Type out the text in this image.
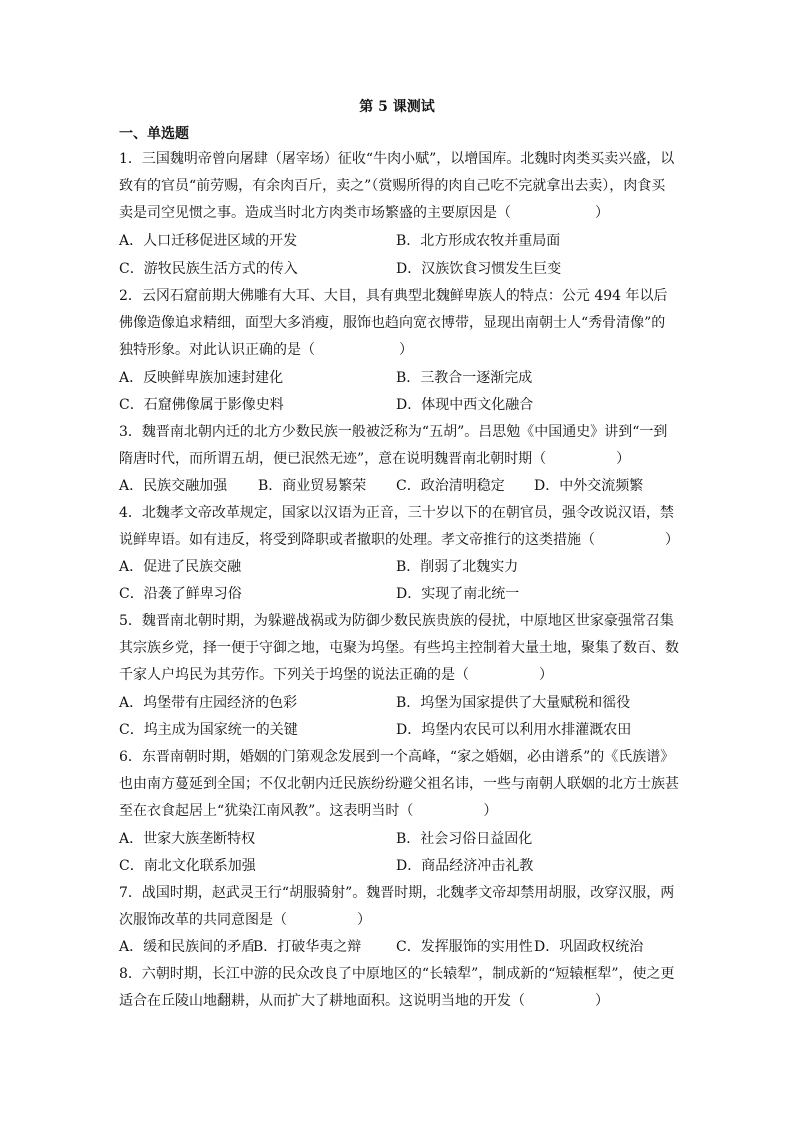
第 5 课测试
一、单选题

1．三国魏明帝曾向屠肆（屠宰场）征收“牛肉小赋”，以增国库。北魏时肉类买卖兴盛，以致有的官员“前劳赐，有余肉百斤，卖之”（赏赐所得的肉自己吃不完就拿出去卖），肉食买卖是司空见惯之事。造成当时北方肉类市场繁盛的主要原因是（　　　　　　）

A．人口迁移促进区域的开发	B．北方形成农牧并重局面
C．游牧民族生活方式的传入	D．汉族饮食习惯发生巨变

2．云冈石窟前期大佛雕有大耳、大目，具有典型北魏鲜卑族人的特点：公元 494 年以后佛像造像追求精细，面型大多消瘦，服饰也趋向宽衣博带，显现出南朝士人“秀骨清像”的独特形象。对此认识正确的是（　　　　　　）

A．反映鲜卑族加速封建化	B．三教合一逐渐完成
C．石窟佛像属于影像史料	D．体现中西文化融合

3．魏晋南北朝内迁的北方少数民族一般被泛称为“五胡”。吕思勉《中国通史》讲到“一到隋唐时代，而所谓五胡，便已泯然无迹”，意在说明魏晋南北朝时期（　　　　　）

A．民族交融加强 B．商业贸易繁荣 C．政治清明稳定 D．中外交流频繁

4．北魏孝文帝改革规定，国家以汉语为正音，三十岁以下的在朝官员，强令改说汉语，禁说鲜卑语。如有违反，将受到降职或者撤职的处理。孝文帝推行的这类措施（　　　　　）

A．促进了民族交融	B．削弱了北魏实力
C．沿袭了鲜卑习俗	D．实现了南北统一

5．魏晋南北朝时期，为躲避战祸或为防御少数民族贵族的侵扰，中原地区世家豪强常召集其宗族乡党，择一便于守御之地，屯聚为坞堡。有些坞主控制着大量土地，聚集了数百、数千家人户坞民为其劳作。下列关于坞堡的说法正确的是（　　　　　）

A．坞堡带有庄园经济的色彩	B．坞堡为国家提供了大量赋税和徭役
C．坞主成为国家统一的关键	D．坞堡内农民可以利用水排灌溉农田

6．东晋南朝时期，婚姻的门第观念发展到一个高峰，“家之婚姻，必由谱系”的《氏族谱》也由南方蔓延到全国；不仅北朝内迁民族纷纷避父祖名讳，一些与南朝人联姻的北方士族甚至在衣食起居上“犹染江南风教”。这表明当时（　　　　　）

A．世家大族垄断特权	B．社会习俗日益固化
C．南北文化联系加强	D．商品经济冲击礼教

7．战国时期，赵武灵王行“胡服骑射”。魏晋时期，北魏孝文帝却禁用胡服，改穿汉服，两次服饰改革的共同意图是（　　　　　）

A．缓和民族间的矛盾
B．打破华夷之辩 C．发挥服饰的实用性 D．巩固政权统治

8．六朝时期，长江中游的民众改良了中原地区的“长辕犁”，制成新的“短辕框犁”，使之更适合在丘陵山地翻耕，从而扩大了耕地面积。这说明当地的开发（　　　　　）
